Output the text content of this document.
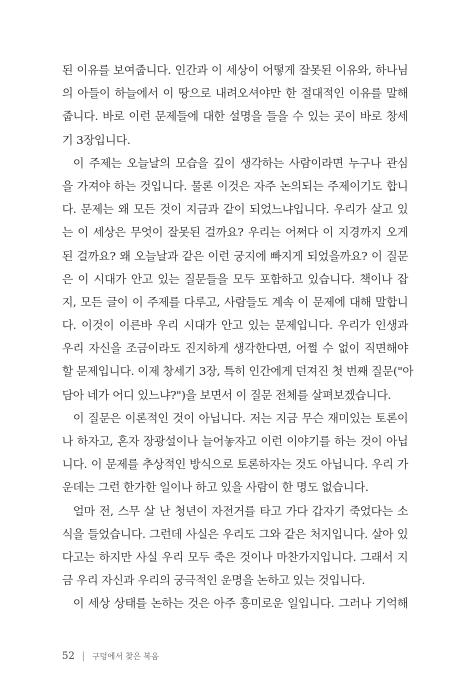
된 이유를 보여줍니다. 인간과 이 세상이 어떻게 잘못된 이유와, 하나님
의 아들이 하늘에서 이 땅으로 내려오셔야만 한 절대적인 이유를 말해
줍니다. 바로 이런 문제들에 대한 설명을 들을 수 있는 곳이 바로 창세
기 3장입니다.
이 주제는 오늘날의 모습을 깊이 생각하는 사람이라면 누구나 관심
을 가져야 하는 것입니다. 물론 이것은 자주 논의되는 주제이기도 합니
다. 문제는 왜 모든 것이 지금과 같이 되었느냐입니다. 우리가 살고 있
는 이 세상은 무엇이 잘못된 걸까요? 우리는 어쩌다 이 지경까지 오게
된 걸까요? 왜 오늘날과 같은 이런 궁지에 빠지게 되었을까요? 이 질문
은 이 시대가 안고 있는 질문들을 모두 포함하고 있습니다. 책이나 잡
지, 모든 글이 이 주제를 다루고, 사람들도 계속 이 문제에 대해 말합니
다. 이것이 이른바 우리 시대가 안고 있는 문제입니다. 우리가 인생과
우리 자신을 조금이라도 진지하게 생각한다면, 어쩔 수 없이 직면해야
할 문제입니다. 이제 창세기 3장, 특히 인간에게 던져진 첫 번째 질문("아
담아 네가 어디 있느냐?")을 보면서 이 질문 전체를 살펴보겠습니다.
이 질문은 이론적인 것이 아닙니다. 저는 지금 무슨 재미있는 토론이
나 하자고, 혼자 장광설이나 늘어놓자고 이런 이야기를 하는 것이 아닙
니다. 이 문제를 추상적인 방식으로 토론하자는 것도 아닙니다. 우리 가
운데는 그런 한가한 일이나 하고 있을 사람이 한 명도 없습니다.
얼마 전, 스무 살 난 청년이 자전거를 타고 가다 갑자기 죽었다는 소
식을 들었습니다. 그런데 사실은 우리도 그와 같은 처지입니다. 살아 있
다고는 하지만 사실 우리 모두 죽은 것이나 마찬가지입니다. 그래서 지
금 우리 자신과 우리의 궁극적인 운명을 논하고 있는 것입니다.
이 세상 상태를 논하는 것은 아주 흥미로운 일입니다. 그러나 기억해
52 | 구덩에서 찾은 복음
